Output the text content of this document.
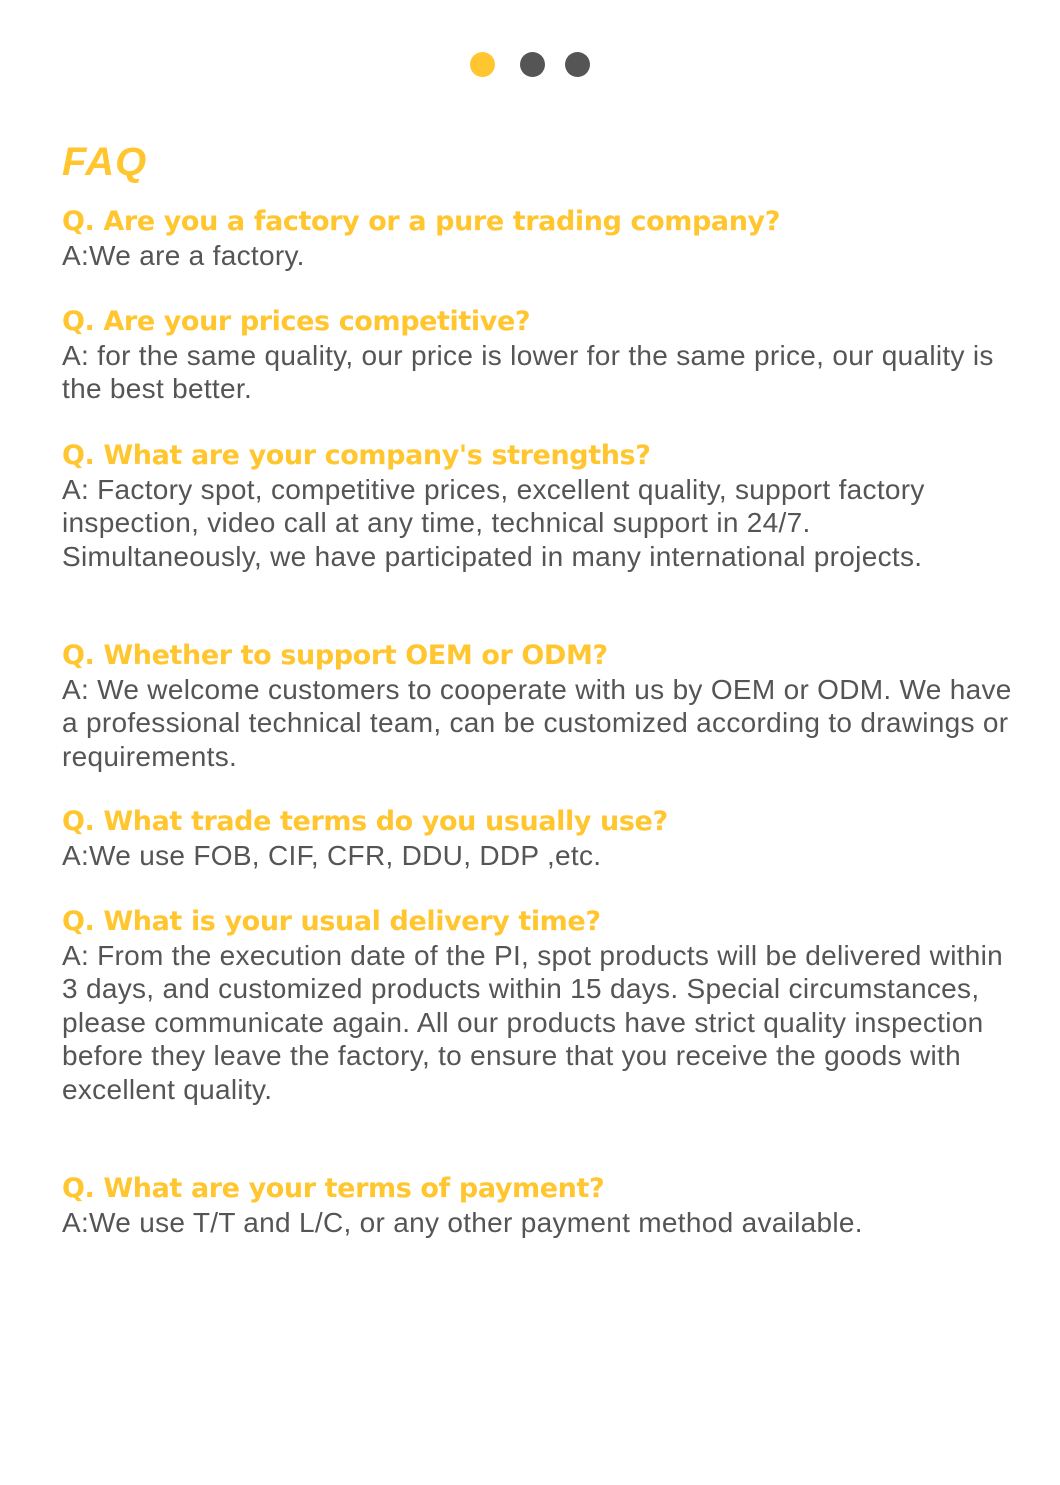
FAQ
Q. Are you a factory or a pure trading company?
A:We are a factory.
Q. Are your prices competitive?
A: for the same quality, our price is lower for the same price, our quality is the best better.
Q. What are your company's strengths?
A: Factory spot, competitive prices, excellent quality, support factory inspection, video call at any time, technical support in 24/7. Simultaneously, we have participated in many international projects.
Q. Whether to support OEM or ODM?
A: We welcome customers to cooperate with us by OEM or ODM. We have a professional technical team, can be customized according to drawings or requirements.
Q. What trade terms do you usually use?
A:We use FOB, CIF, CFR, DDU, DDP ,etc.
Q. What is your usual delivery time?
A: From the execution date of the PI, spot products will be delivered within 3 days, and customized products within 15 days. Special circumstances, please communicate again. All our products have strict quality inspection before they leave the factory, to ensure that you receive the goods with excellent quality.
Q. What are your terms of payment?
A:We use T/T and L/C, or any other payment method available.
